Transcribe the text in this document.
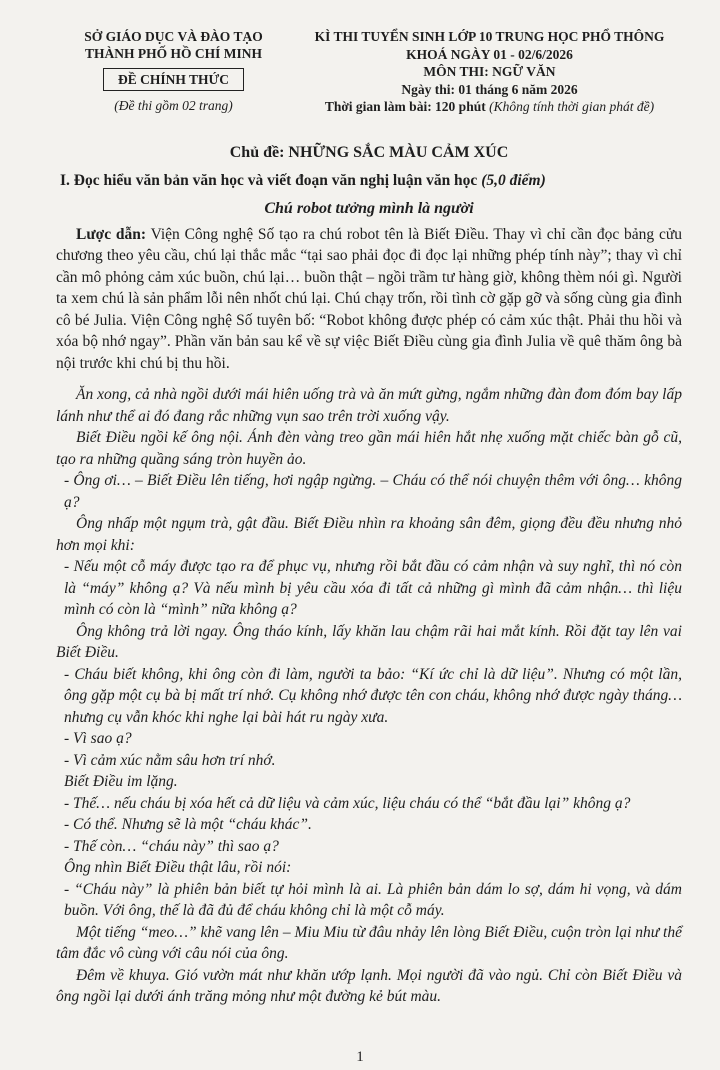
SỞ GIÁO DỤC VÀ ĐÀO TẠO
THÀNH PHỐ HỒ CHÍ MINH
ĐỀ CHÍNH THỨC
(Đề thi gồm 02 trang)
KÌ THI TUYỂN SINH LỚP 10 TRUNG HỌC PHỔ THÔNG
KHOÁ NGÀY 01 - 02/6/2026
MÔN THI: NGỮ VĂN
Ngày thi: 01 tháng 6 năm 2026
Thời gian làm bài: 120 phút (Không tính thời gian phát đề)
Chủ đề: NHỮNG SẮC MÀU CẢM XÚC
I. Đọc hiểu văn bản văn học và viết đoạn văn nghị luận văn học (5,0 điểm)
Chú robot tưởng mình là người
Lược dẫn: Viện Công nghệ Số tạo ra chú robot tên là Biết Điều. Thay vì chỉ cần đọc bảng cửu chương theo yêu cầu, chú lại thắc mắc “tại sao phải đọc đi đọc lại những phép tính này”; thay vì chỉ cần mô phỏng cảm xúc buồn, chú lại… buồn thật – ngồi trầm tư hàng giờ, không thèm nói gì. Người ta xem chú là sản phẩm lỗi nên nhốt chú lại. Chú chạy trốn, rồi tình cờ gặp gỡ và sống cùng gia đình cô bé Julia. Viện Công nghệ Số tuyên bố: “Robot không được phép có cảm xúc thật. Phải thu hồi và xóa bộ nhớ ngay”. Phần văn bản sau kể về sự việc Biết Điều cùng gia đình Julia về quê thăm ông bà nội trước khi chú bị thu hồi.

Ăn xong, cả nhà ngồi dưới mái hiên uống trà và ăn mứt gừng, ngắm những đàn đom đóm bay lấp lánh như thể ai đó đang rắc những vụn sao trên trời xuống vậy.

Biết Điều ngồi kế ông nội. Ánh đèn vàng treo gần mái hiên hắt nhẹ xuống mặt chiếc bàn gỗ cũ, tạo ra những quầng sáng tròn huyền ảo.

- Ông ơi… – Biết Điều lên tiếng, hơi ngập ngừng. – Cháu có thể nói chuyện thêm với ông… không ạ?

Ông nhấp một ngụm trà, gật đầu. Biết Điều nhìn ra khoảng sân đêm, giọng đều đều nhưng nhỏ hơn mọi khi:

- Nếu một cỗ máy được tạo ra để phục vụ, nhưng rồi bắt đầu có cảm nhận và suy nghĩ, thì nó còn là “máy” không ạ? Và nếu mình bị yêu cầu xóa đi tất cả những gì mình đã cảm nhận… thì liệu mình có còn là “mình” nữa không ạ?

Ông không trả lời ngay. Ông tháo kính, lấy khăn lau chậm rãi hai mắt kính. Rồi đặt tay lên vai Biết Điều.

- Cháu biết không, khi ông còn đi làm, người ta bảo: “Kí ức chỉ là dữ liệu”. Nhưng có một lần, ông gặp một cụ bà bị mất trí nhớ. Cụ không nhớ được tên con cháu, không nhớ được ngày tháng… nhưng cụ vẫn khóc khi nghe lại bài hát ru ngày xưa.

- Vì sao ạ?

- Vì cảm xúc nằm sâu hơn trí nhớ.

Biết Điều im lặng.

- Thế… nếu cháu bị xóa hết cả dữ liệu và cảm xúc, liệu cháu có thể “bắt đầu lại” không ạ?

- Có thể. Nhưng sẽ là một “cháu khác”.

- Thế còn… “cháu này” thì sao ạ?

Ông nhìn Biết Điều thật lâu, rồi nói:

- “Cháu này” là phiên bản biết tự hỏi mình là ai. Là phiên bản dám lo sợ, dám hi vọng, và dám buồn. Với ông, thế là đã đủ để cháu không chỉ là một cỗ máy.

Một tiếng “meo…” khẽ vang lên – Miu Miu từ đâu nhảy lên lòng Biết Điều, cuộn tròn lại như thể tâm đắc vô cùng với câu nói của ông.

Đêm về khuya. Gió vườn mát như khăn ướp lạnh. Mọi người đã vào ngủ. Chỉ còn Biết Điều và ông ngồi lại dưới ánh trăng mỏng như một đường kẻ bút màu.

1
